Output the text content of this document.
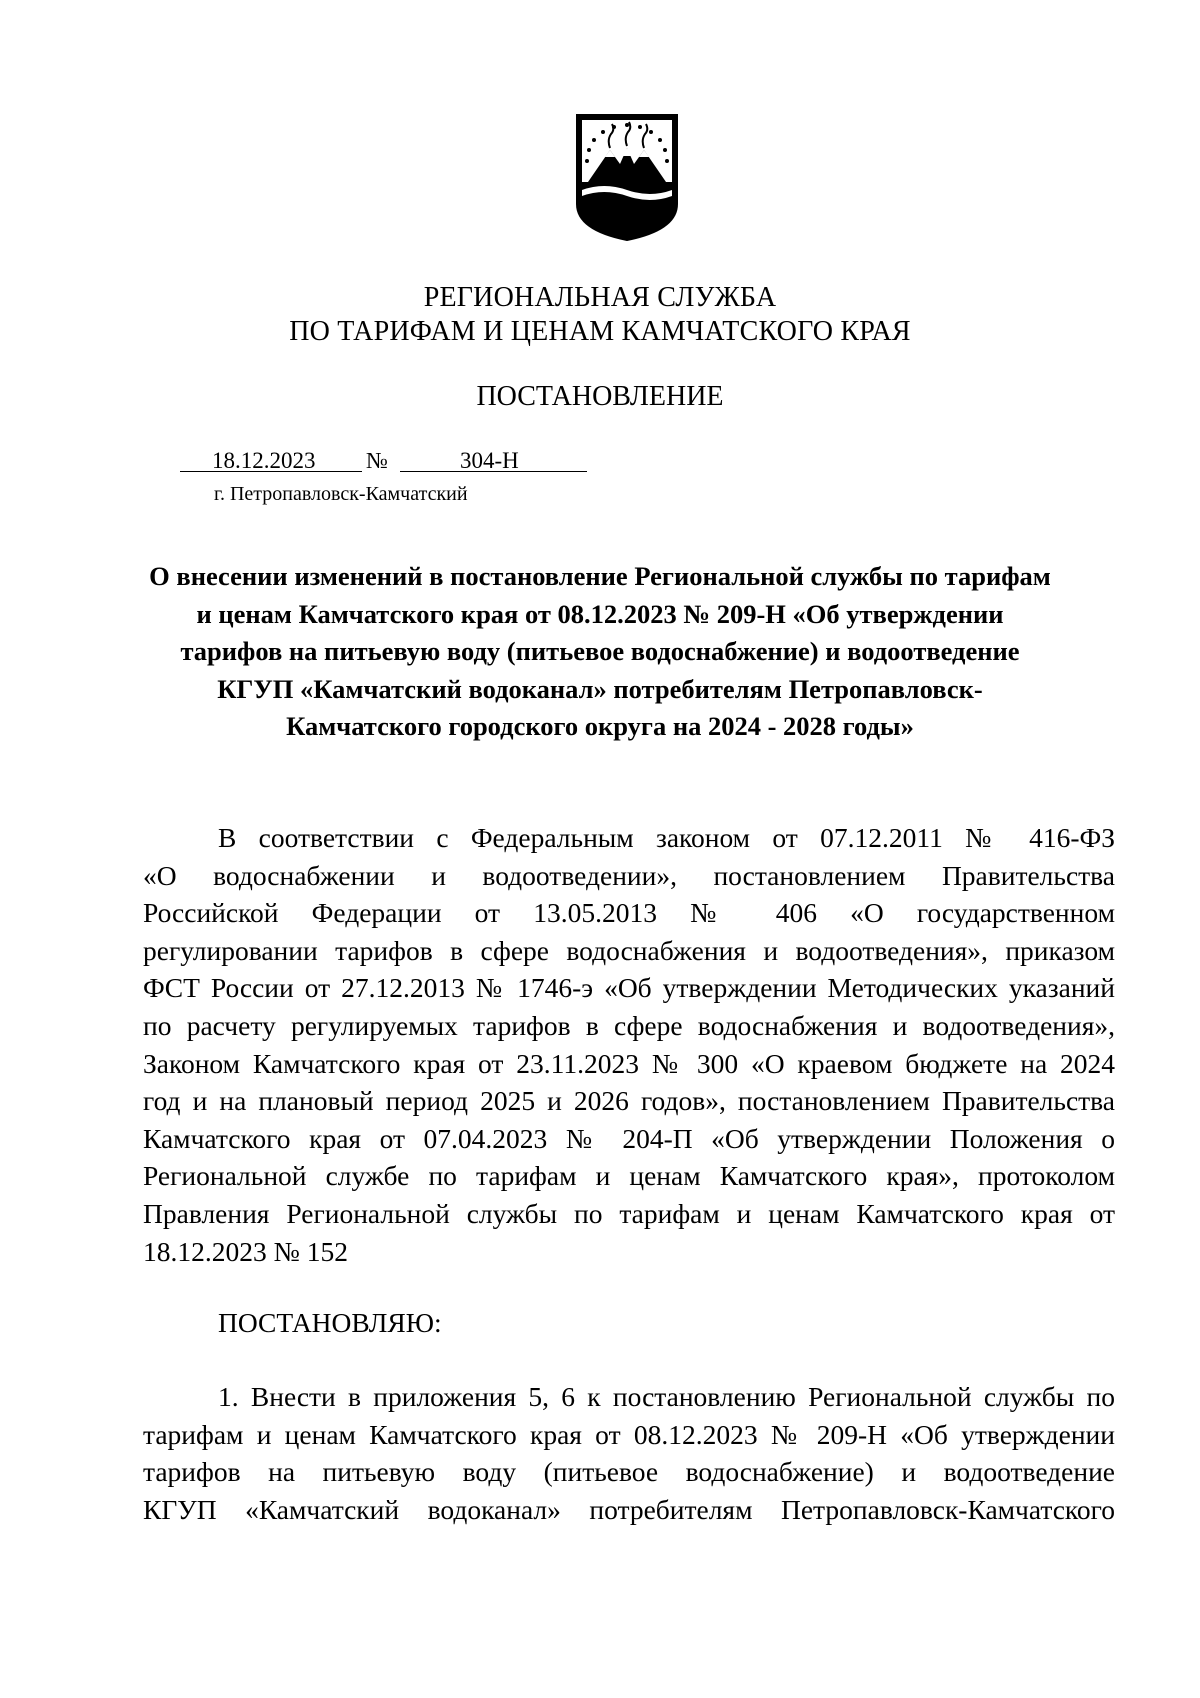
РЕГИОНАЛЬНАЯ СЛУЖБА
ПО ТАРИФАМ И ЦЕНАМ КАМЧАТСКОГО КРАЯ
ПОСТАНОВЛЕНИЕ
18.12.2023 №	304-Н
г. Петропавловск-Камчатский
О внесении изменений в постановление Региональной службы по тарифам
и ценам Камчатского края от 08.12.2023 № 209-Н «Об утверждении
тарифов на питьевую воду (питьевое водоснабжение) и водоотведение
КГУП «Камчатский водоканал» потребителям Петропавловск-
Камчатского городского округа на 2024 - 2028 годы»
В соответствии с Федеральным законом от 07.12.2011 № 416-ФЗ
«О водоснабжении и водоотведении», постановлением Правительства
Российской Федерации от 13.05.2013 № 406 «О государственном
регулировании тарифов в сфере водоснабжения и водоотведения», приказом
ФСТ России от 27.12.2013 № 1746-э «Об утверждении Методических указаний
по расчету регулируемых тарифов в сфере водоснабжения и водоотведения»,
Законом Камчатского края от 23.11.2023 № 300 «О краевом бюджете на 2024
год и на плановый период 2025 и 2026 годов», постановлением Правительства
Камчатского края от 07.04.2023 № 204-П «Об утверждении Положения о
Региональной службе по тарифам и ценам Камчатского края», протоколом
Правления Региональной службы по тарифам и ценам Камчатского края от
18.12.2023 № 152
ПОСТАНОВЛЯЮ:
1. Внести в приложения 5, 6 к постановлению Региональной службы по
тарифам и ценам Камчатского края от 08.12.2023 № 209-Н «Об утверждении
тарифов на питьевую воду (питьевое водоснабжение) и водоотведение
КГУП «Камчатский водоканал» потребителям Петропавловск-Камчатского
